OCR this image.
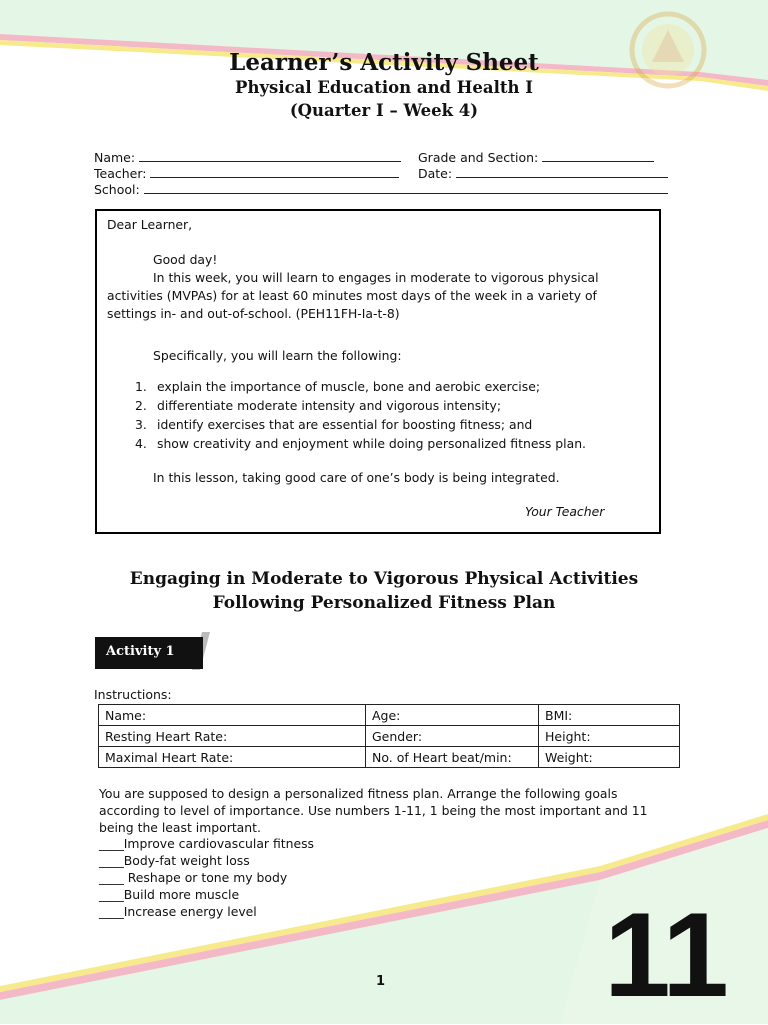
Learner’s Activity Sheet
Physical Education and Health I
(Quarter I – Week 4)
Name:	Grade and Section:
Teacher:	Date:
School:

Dear Learner,

Good day!

In this week, you will learn to engages in moderate to vigorous physical

activities (MVPAs) for at least 60 minutes most days of the week in a variety of

settings in- and out-of-school. (PEH11FH-Ia-t-8)

Specifically, you will learn the following:

1. explain the importance of muscle, bone and aerobic exercise;

2. differentiate moderate intensity and vigorous intensity;

3. identify exercises that are essential for boosting fitness; and

4. show creativity and enjoyment while doing personalized fitness plan.

In this lesson, taking good care of one’s body is being integrated.

Your Teacher

Engaging in Moderate to Vigorous Physical Activities
Following Personalized Fitness Plan
Activity 1
Instructions:
Name:	Age:	BMI:
Resting Heart Rate:	Gender:	Height:
Maximal Heart Rate:	No. of Heart beat/min:	Weight:
You are supposed to design a personalized fitness plan. Arrange the following goals according to level of importance. Use numbers 1-11, 1 being the most important and 11 being the least important.
____Improve cardiovascular fitness
____Body-fat weight loss
____ Reshape or tone my body
____Build more muscle
____Increase energy level
1 11
